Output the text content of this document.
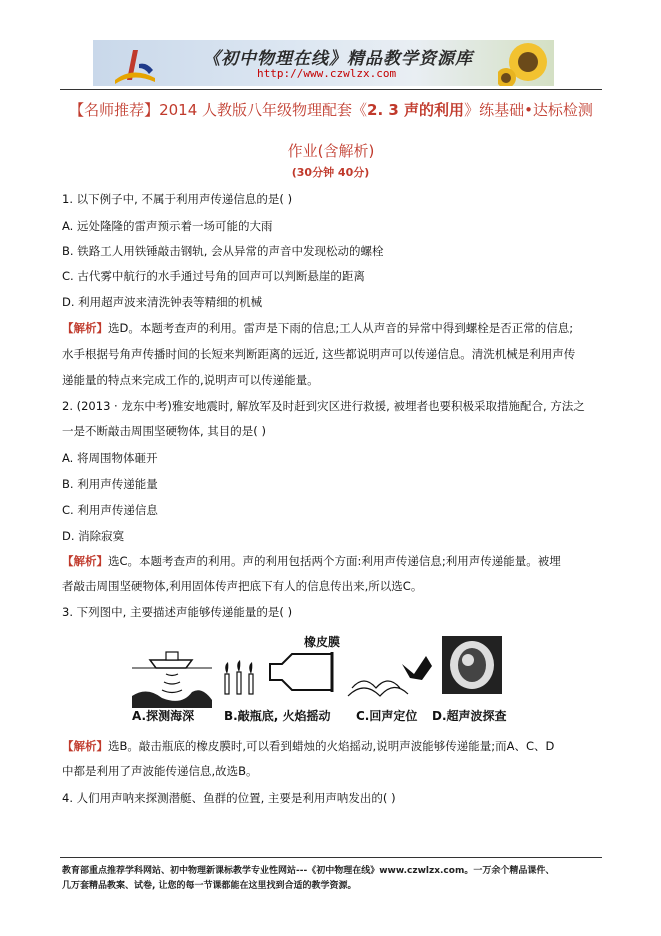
《初中物理在线》精品教学资源库
http://www.czwlzx.com
【名师推荐】2014 人教版八年级物理配套《2. 3 声的利用》练基础•达标检测
作业(含解析)
(30分钟 40分)
1. 以下例子中, 不属于利用声传递信息的是( )
A. 远处隆隆的雷声预示着一场可能的大雨
B. 铁路工人用铁锤敲击钢轨, 会从异常的声音中发现松动的螺栓
C. 古代雾中航行的水手通过号角的回声可以判断悬崖的距离
D. 利用超声波来清洗钟表等精细的机械
【解析】选D。本题考查声的利用。雷声是下雨的信息;工人从声音的异常中得到螺栓是否正常的信息;
水手根据号角声传播时间的长短来判断距离的远近, 这些都说明声可以传递信息。清洗机械是利用声传
递能量的特点来完成工作的,说明声可以传递能量。
2. (2013 · 龙东中考)雅安地震时, 解放军及时赶到灾区进行救援, 被埋者也要积极采取措施配合, 方法之
一是不断敲击周围坚硬物体, 其目的是( )
A. 将周围物体砸开
B. 利用声传递能量
C. 利用声传递信息
D. 消除寂寞
【解析】选C。本题考查声的利用。声的利用包括两个方面:利用声传递信息;利用声传递能量。被埋
者敲击周围坚硬物体,利用固体传声把底下有人的信息传出来,所以选C。
3. 下列图中, 主要描述声能够传递能量的是( )
橡皮膜
A.探测海深 B.敲瓶底, 火焰摇动 C.回声定位 D.超声波探查
【解析】选B。敲击瓶底的橡皮膜时,可以看到蜡烛的火焰摇动,说明声波能够传递能量;而A、C、D
中都是利用了声波能传递信息,故选B。
4. 人们用声呐来探测潜艇、鱼群的位置, 主要是利用声呐发出的( )
教育部重点推荐学科网站、初中物理新课标教学专业性网站---《初中物理在线》www.czwlzx.com。一万余个精品课件、
几万套精品教案、试卷, 让您的每一节课都能在这里找到合适的教学资源。
